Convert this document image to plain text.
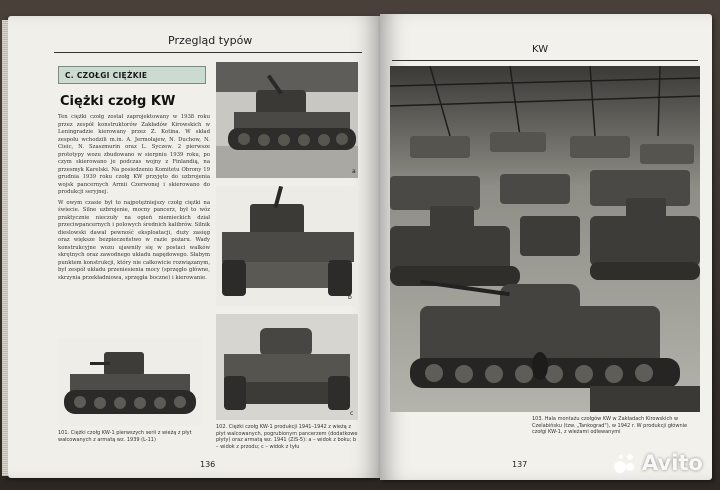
Przegląd typów
C. CZOŁGI CIĘŻKIE
Ciężki czołg KW

Ten ciężki czołg został zaprojektowany w 1938 roku przez zespół konstruktorów Zakładów Kirowskich w Leningradzie kierowany przez Z. Kotina. W skład zespołu wchodzili m.in. A. Jermołajew, N. Duchow, N. Cieic, N. Szaszmurin oraz L. Syczew. 2 pierwsze prototypy wozu zbudowano w sierpniu 1939 roku, po czym skierowano je podczas wojny z Finlandią, na przesmyk Karelski. Na posiedzeniu Komitetu Obrony 19 grudnia 1939 roku czołg KW przyjęto do uzbrojenia wojsk pancernych Armii Czerwonej i skierowano do produkcji seryjnej.

W owym czasie był to najpotężniejszy czołg ciężki na świecie. Silne uzbrojenie, mocny pancerz, był to wóz praktycznie nieczuły na ogień niemieckich dział przeciwpancernych i polowych średnich kalibrów. Silnik dieslowski dawał pewność eksploatacji, duży zasięg oraz większe bezpieczeństwo w razie pożaru. Wady konstrukcyjne wozu ujawniły się w postaci walków skrętnych oraz zawodnego układu napędowego. Słabym punktem konstrukcji, który nie całkowicie rozwiązanym, był zespół układu przeniesienia mocy (sprzęgło główne, skrzynia przekładniowa, sprzęgła boczne) i kierowanie.

a
b
c
101. Ciężki czołg KW-1 pierwszych serii z wieżą z płyt walcowanych z armatą wz. 1939 (L-11)
102. Ciężki czołg KW-1 produkcji 1941–1942 z wieżą z płyt walcowanych, pogrubionym pancerzem (dodatkowe płyty) oraz armatą wz. 1941 (ZiS-5): a – widok z boku; b – widok z przodu; c – widok z tyłu
136
KW
103. Hala montażu czołgów KW w Zakładach Kirowskich w Czelabińsku (tzw. „Tankograd"), w 1942 r. W produkcji głównie czołgi KW-1, z wieżami odlewanymi
137	Avito
